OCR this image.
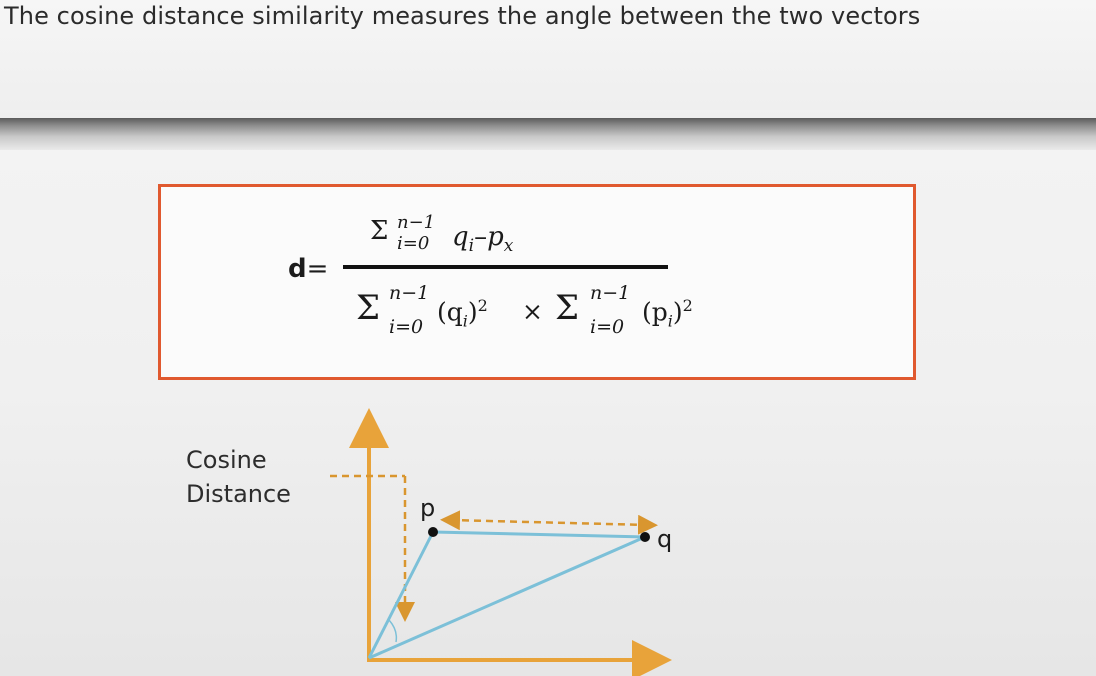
The cosine distance similarity measures the angle between the two vectors
d=
Σ n−1
i=0 $q_i-p_x$
Σ n−1
i=0
$(q_i)^2 \times \Sigma$ n−1
i=0
$(p_i)^2$
Cosine
Distance	p
q
